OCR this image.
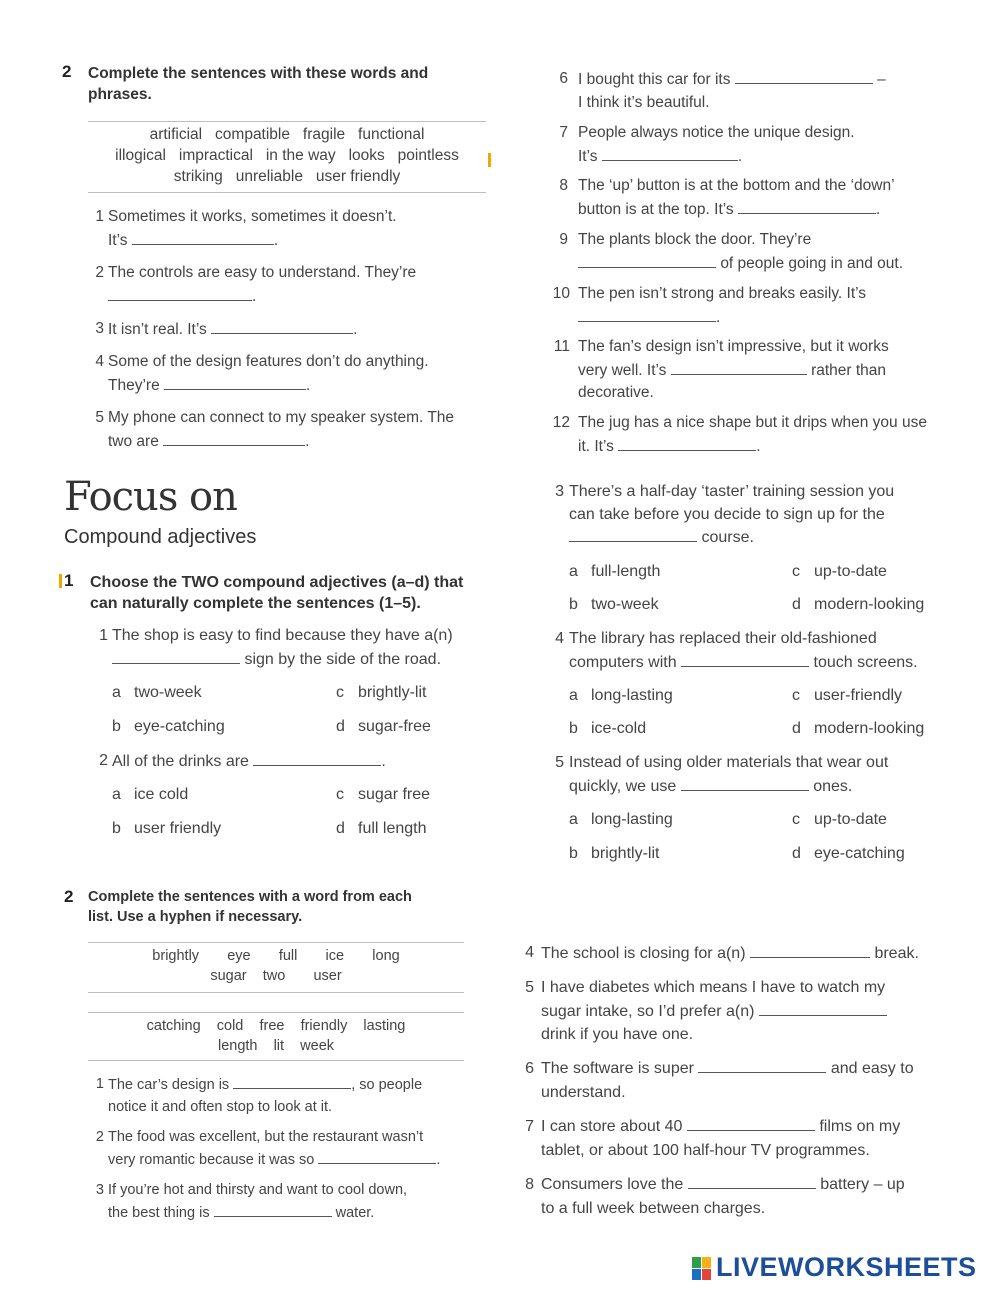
2 Complete the sentences with these words and
phrases.
artificial   compatible   fragile   functional
illogical   impractical   in the way   looks   pointless
striking   unreliable   user friendly
1 Sometimes it works, sometimes it doesn’t.
It’s	.
2 The controls are easy to understand. They’re
.
3 It isn’t real. It’s	.
4 Some of the design features don’t do anything.
They’re	.
5 My phone can connect to my speaker system. The
two are	.
6 I bought this car for its	–
I think it’s beautiful.
7 People always notice the unique design.
It’s	.
8 The ‘up’ button is at the bottom and the ‘down’
button is at the top. It’s	.
9 The plants block the door. They’re
of people going in and out.
10 The pen isn’t strong and breaks easily. It’s
.
11 The fan’s design isn’t impressive, but it works
very well. It’s	rather than
decorative.
12 The jug has a nice shape but it drips when you use
it. It’s	.
Focus on
Compound adjectives
1 Choose the TWO compound adjectives (a–d) that
can naturally complete the sentences (1–5).
1 The shop is easy to find because they have a(n)
sign by the side of the road.
a two-week	c brightly-lit
b eye-catching	d sugar-free
2 All of the drinks are	.
a ice cold	c sugar free
b user friendly	d full length
3 There’s a half-day ‘taster’ training session you
can take before you decide to sign up for the
course.
a full-length	c up-to-date
b two-week	d modern-looking
4 The library has replaced their old-fashioned
computers with	touch screens.
a long-lasting	c user-friendly
b ice-cold	d modern-looking
5 Instead of using older materials that wear out
quickly, we use	ones.
a long-lasting	c up-to-date
b brightly-lit	d eye-catching
2 Complete the sentences with a word from each
list. Use a hyphen if necessary.
brightly       eye       full       ice       long
sugar    two       user
catching    cold    free    friendly    lasting
length    lit    week
1 The car’s design is	, so people
notice it and often stop to look at it.
2 The food was excellent, but the restaurant wasn’t
very romantic because it was so	.
3 If you’re hot and thirsty and want to cool down,
the best thing is	water.
4 The school is closing for a(n)	break.
5 I have diabetes which means I have to watch my
sugar intake, so I’d prefer a(n)
drink if you have one.
6 The software is super	and easy to
understand.
7 I can store about 40	films on my
tablet, or about 100 half-hour TV programmes.
8 Consumers love the	battery – up
to a full week between charges.
LIVEWORKSHEETS
